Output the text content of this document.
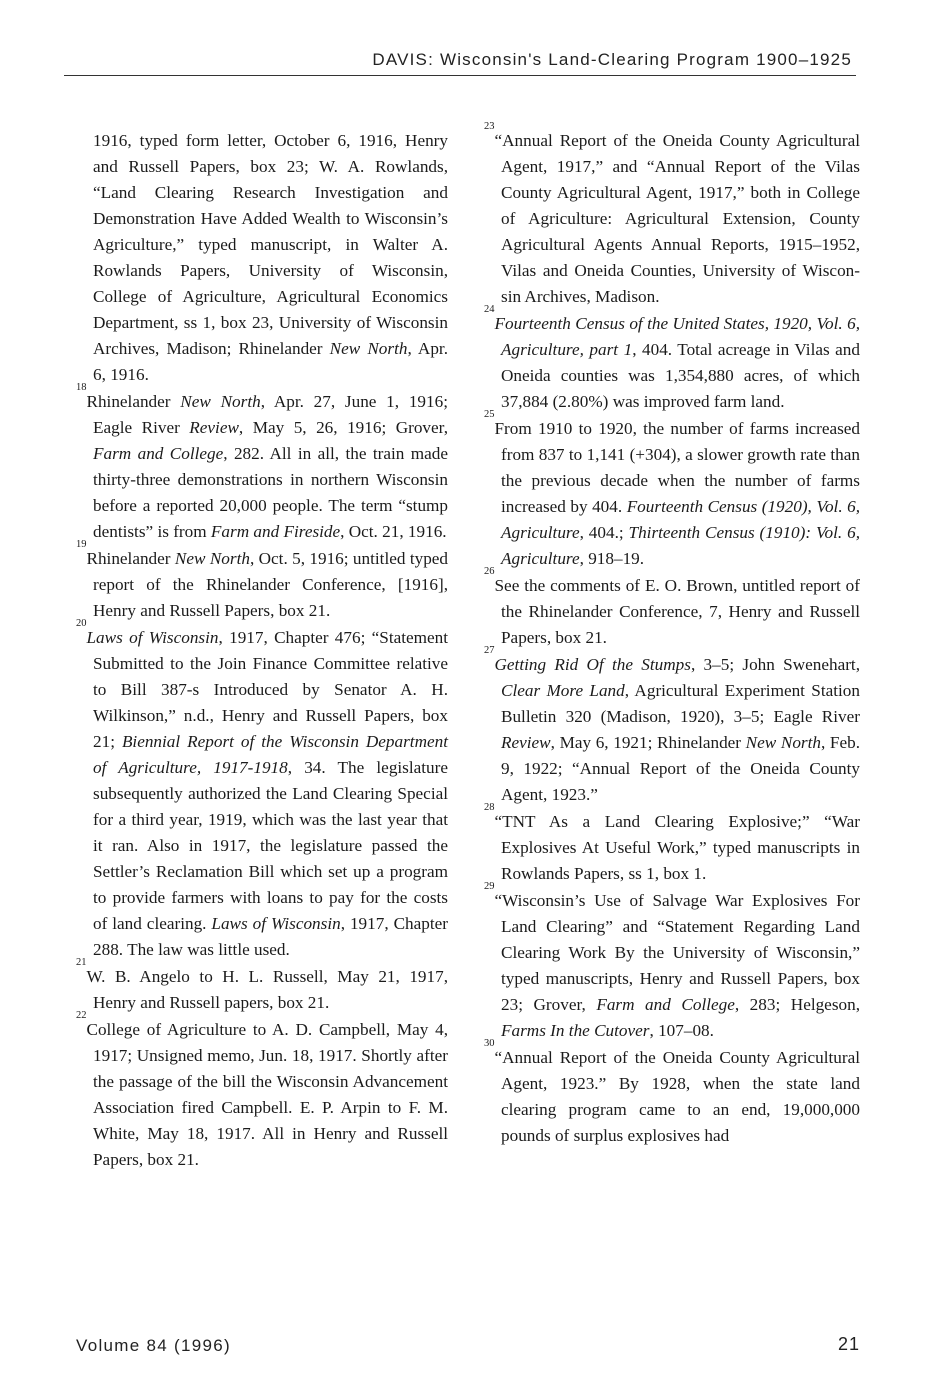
DAVIS: Wisconsin's Land-Clearing Program 1900–1925

1916, typed form letter, October 6, 1916, Henry and Russell Papers, box 23; W. A. Rowlands, “Land Clearing Research Investigation and Demonstration Have Added Wealth to Wisconsin’s Agriculture,” typed manuscript, in Walter A. Rowlands Papers, University of Wisconsin, College of Agriculture, Agricultural Economics Department, ss 1, box 23, University of Wisconsin Archives, Madison; Rhinelander New North, Apr. 6, 1916.

$^{18}$Rhinelander New North, Apr. 27, June 1, 1916; Eagle River Review, May 5, 26, 1916; Grover, Farm and College, 282. All in all, the train made thirty-three demonstrations in northern Wisconsin before a reported 20,000 people. The term “stump dentists” is from Farm and Fireside, Oct. 21, 1916.

$^{19}$Rhinelander New North, Oct. 5, 1916; untitled typed report of the Rhinelander Conference, [1916], Henry and Russell Papers, box 21.

$^{20}$Laws of Wisconsin, 1917, Chapter 476; “Statement Submitted to the Join Finance Committee relative to Bill 387-s Introduced by Senator A. H. Wilkinson,” n.d., Henry and Russell Papers, box 21; Biennial Report of the Wisconsin Department of Agriculture, 1917-1918, 34. The legislature subsequently authorized the Land Clearing Special for a third year, 1919, which was the last year that it ran. Also in 1917, the legislature passed the Settler’s Reclamation Bill which set up a program to provide farmers with loans to pay for the costs of land clearing. Laws of Wisconsin, 1917, Chapter 288. The law was little used.

$^{21}$W. B. Angelo to H. L. Russell, May 21, 1917, Henry and Russell papers, box 21.

$^{22}$College of Agriculture to A. D. Campbell, May 4, 1917; Unsigned memo, Jun. 18, 1917. Shortly after the passage of the bill the Wisconsin Advancement Association fired Campbell. E. P. Arpin to F. M. White, May 18, 1917. All in Henry and Russell Papers, box 21.

$^{23}$“Annual Report of the Oneida County Agricultural Agent, 1917,” and “Annual Report of the Vilas County Agricultural Agent, 1917,” both in College of Agriculture: Agricultural Extension, County Agricultural Agents Annual Reports, 1915–1952, Vilas and Oneida Counties, University of Wisconsin Archives, Madison.

$^{24}$Fourteenth Census of the United States, 1920, Vol. 6, Agriculture, part 1, 404. Total acreage in Vilas and Oneida counties was 1,354,880 acres, of which 37,884 (2.80%) was improved farm land.

$^{25}$From 1910 to 1920, the number of farms increased from 837 to 1,141 (+304), a slower growth rate than the previous decade when the number of farms increased by 404. Fourteenth Census (1920), Vol. 6, Agriculture, 404.; Thirteenth Census (1910): Vol. 6, Agriculture, 918–19.

$^{26}$See the comments of E. O. Brown, untitled report of the Rhinelander Conference, 7, Henry and Russell Papers, box 21.

$^{27}$Getting Rid Of the Stumps, 3–5; John Swenehart, Clear More Land, Agricultural Experiment Station Bulletin 320 (Madison, 1920), 3–5; Eagle River Review, May 6, 1921; Rhinelander New North, Feb. 9, 1922; “Annual Report of the Oneida County Agent, 1923.”

$^{28}$“TNT As a Land Clearing Explosive;” “War Explosives At Useful Work,” typed manuscripts in Rowlands Papers, ss 1, box 1.

$^{29}$“Wisconsin’s Use of Salvage War Explosives For Land Clearing” and “Statement Regarding Land Clearing Work By the University of Wisconsin,” typed manuscripts, Henry and Russell Papers, box 23; Grover, Farm and College, 283; Helgeson, Farms In the Cutover, 107–08.

$^{30}$“Annual Report of the Oneida County Agricultural Agent, 1923.” By 1928, when the state land clearing program came to an end, 19,000,000 pounds of surplus explosives had

Volume 84 (1996)	21
